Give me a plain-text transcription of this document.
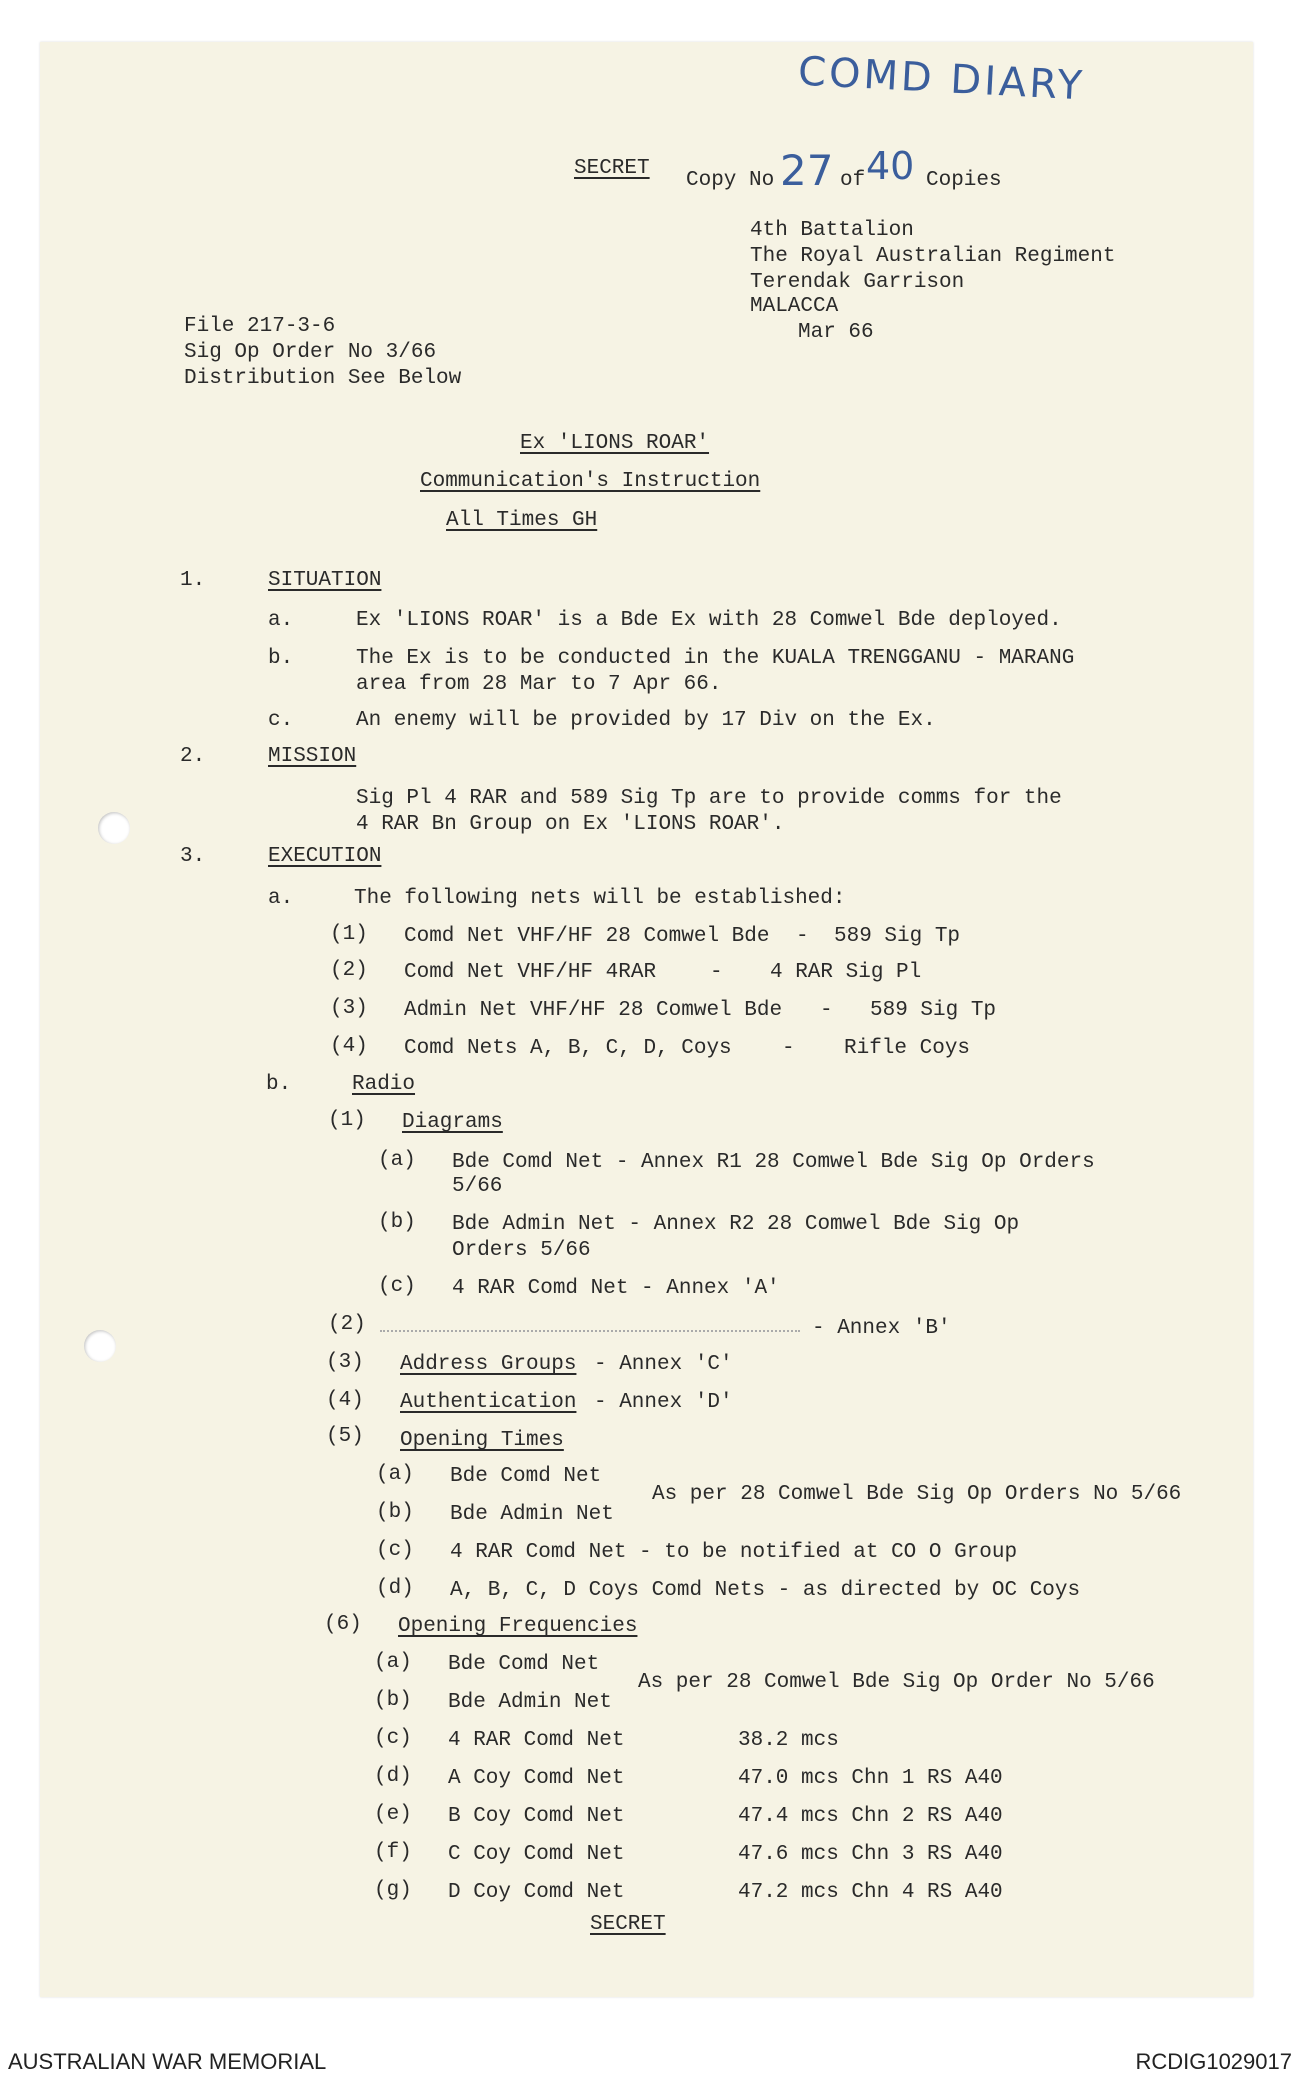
COMD DIARY
27 40
SECRET
Copy No	of	Copies
4th Battalion
The Royal Australian Regiment
Terendak Garrison
MALACCA
Mar 66
File 217-3-6
Sig Op Order No 3/66
Distribution See Below
Ex 'LIONS ROAR'
Communication's Instruction
All Times GH
1.	SITUATION
a.	Ex 'LIONS ROAR' is a Bde Ex with 28 Comwel Bde deployed.
b.	The Ex is to be conducted in the KUALA TRENGGANU - MARANG
area from 28 Mar to 7 Apr 66.
c.	An enemy will be provided by 17 Div on the Ex.
2.	MISSION
Sig Pl 4 RAR and 589 Sig Tp are to provide comms for the
4 RAR Bn Group on Ex 'LIONS ROAR'.
3.	EXECUTION
a.	The following nets will be established:
(1) Comd Net VHF/HF 28 Comwel Bde - 589 Sig Tp
(2) Comd Net VHF/HF 4RAR	- 4 RAR Sig Pl
(3) Admin Net VHF/HF 28 Comwel Bde - 589 Sig Tp
(4) Comd Nets A, B, C, D, Coys - Rifle Coys
b.	Radio
(1) Diagrams
(a) Bde Comd Net - Annex R1 28 Comwel Bde Sig Op Orders
5/66
(b) Bde Admin Net - Annex R2 28 Comwel Bde Sig Op
Orders 5/66
(c) 4 RAR Comd Net - Annex 'A'
(2)	- Annex 'B'
(3) Address Groups - Annex 'C'
(4) Authentication - Annex 'D'
(5) Opening Times
(a) Bde Comd Net
As per 28 Comwel Bde Sig Op Orders No 5/66
(b) Bde Admin Net
(c) 4 RAR Comd Net - to be notified at CO O Group
(d) A, B, C, D Coys Comd Nets - as directed by OC Coys
(6) Opening Frequencies
(a) Bde Comd Net
As per 28 Comwel Bde Sig Op Order No 5/66
(b) Bde Admin Net
(c) 4 RAR Comd Net	38.2 mcs
(d) A Coy Comd Net	47.0 mcs Chn 1 RS A40
(e) B Coy Comd Net	47.4 mcs Chn 2 RS A40
(f) C Coy Comd Net	47.6 mcs Chn 3 RS A40
(g) D Coy Comd Net	47.2 mcs Chn 4 RS A40
SECRET
AUSTRALIAN WAR MEMORIAL	RCDIG1029017
